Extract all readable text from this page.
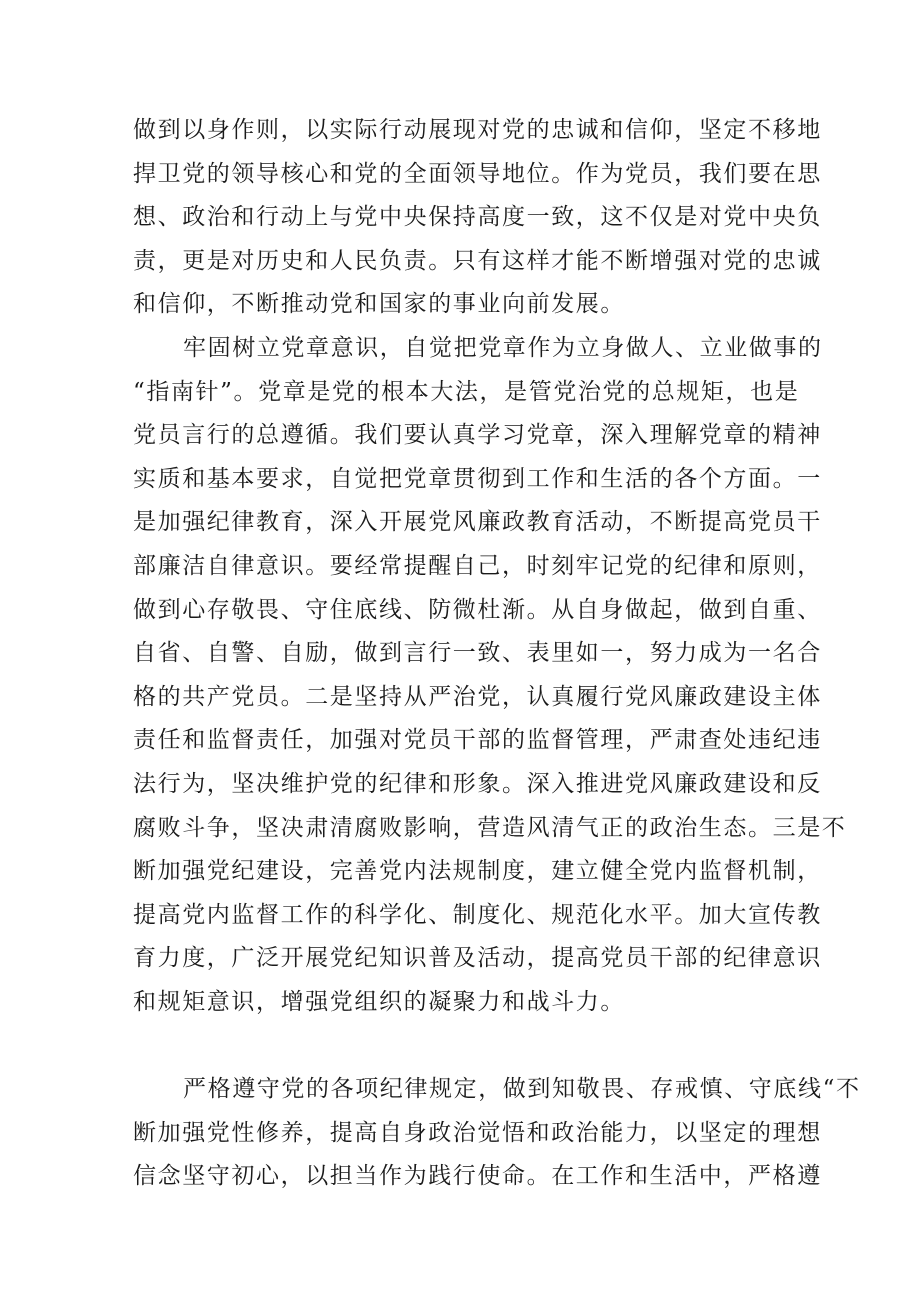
做到以身作则，以实际行动展现对党的忠诚和信仰，坚定不移地
捍卫党的领导核心和党的全面领导地位。作为党员，我们要在思
想、政治和行动上与党中央保持高度一致，这不仅是对党中央负
责，更是对历史和人民负责。只有这样才能不断增强对党的忠诚
和信仰，不断推动党和国家的事业向前发展。

牢固树立党章意识，自觉把党章作为立身做人、立业做事的
“指南针”。党章是党的根本大法，是管党治党的总规矩，也是
党员言行的总遵循。我们要认真学习党章，深入理解党章的精神
实质和基本要求，自觉把党章贯彻到工作和生活的各个方面。一
是加强纪律教育，深入开展党风廉政教育活动，不断提高党员干
部廉洁自律意识。要经常提醒自己，时刻牢记党的纪律和原则，
做到心存敬畏、守住底线、防微杜渐。从自身做起，做到自重、
自省、自警、自励，做到言行一致、表里如一，努力成为一名合
格的共产党员。二是坚持从严治党，认真履行党风廉政建设主体
责任和监督责任，加强对党员干部的监督管理，严肃查处违纪违
法行为，坚决维护党的纪律和形象。深入推进党风廉政建设和反
腐败斗争，坚决肃清腐败影响，营造风清气正的政治生态。三是不
断加强党纪建设，完善党内法规制度，建立健全党内监督机制，
提高党内监督工作的科学化、制度化、规范化水平。加大宣传教
育力度，广泛开展党纪知识普及活动，提高党员干部的纪律意识
和规矩意识，增强党组织的凝聚力和战斗力。

严格遵守党的各项纪律规定，做到知敬畏、存戒慎、守底线“不
断加强党性修养，提高自身政治觉悟和政治能力，以坚定的理想
信念坚守初心，以担当作为践行使命。在工作和生活中，严格遵
